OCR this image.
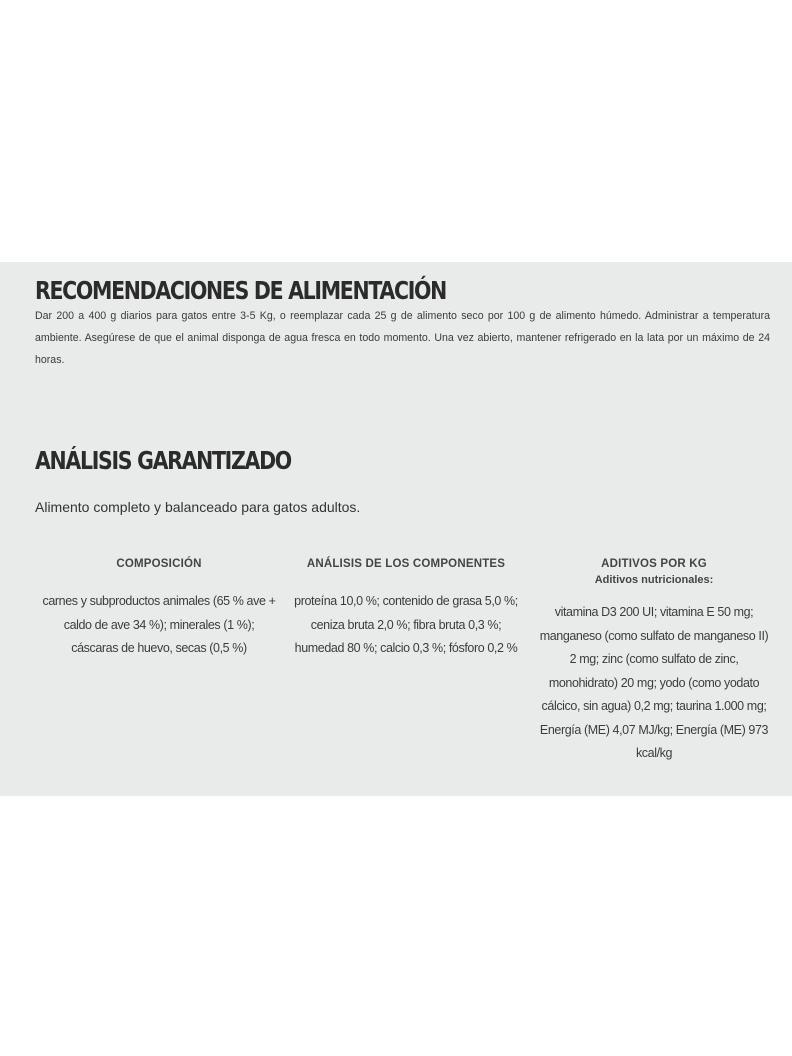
RECOMENDACIONES DE ALIMENTACIÓN

Dar 200 a 400 g diarios para gatos entre 3-5 Kg, o reemplazar cada 25 g de alimento seco por 100 g de alimento húmedo. Administrar a temperatura ambiente. Asegúrese de que el animal disponga de agua fresca en todo momento. Una vez abierto, mantener refrigerado en la lata por un máximo de 24 horas.

ANÁLISIS GARANTIZADO

Alimento completo y balanceado para gatos adultos.

COMPOSICIÓN

carnes y subproductos animales (65 % ave + caldo de ave 34 %); minerales (1 %); cáscaras de huevo, secas (0,5 %)

ANÁLISIS DE LOS COMPONENTES

proteína 10,0 %; contenido de grasa 5,0 %; ceniza bruta 2,0 %; fibra bruta 0,3 %; humedad 80 %; calcio 0,3 %; fósforo 0,2 %

ADITIVOS POR KG

Aditivos nutricionales:

vitamina D3 200 UI; vitamina E 50 mg; manganeso (como sulfato de manganeso II) 2 mg; zinc (como sulfato de zinc, monohidrato) 20 mg; yodo (como yodato cálcico, sin agua) 0,2 mg; taurina 1.000 mg; Energía (ME) 4,07 MJ/kg; Energía (ME) 973 kcal/kg
